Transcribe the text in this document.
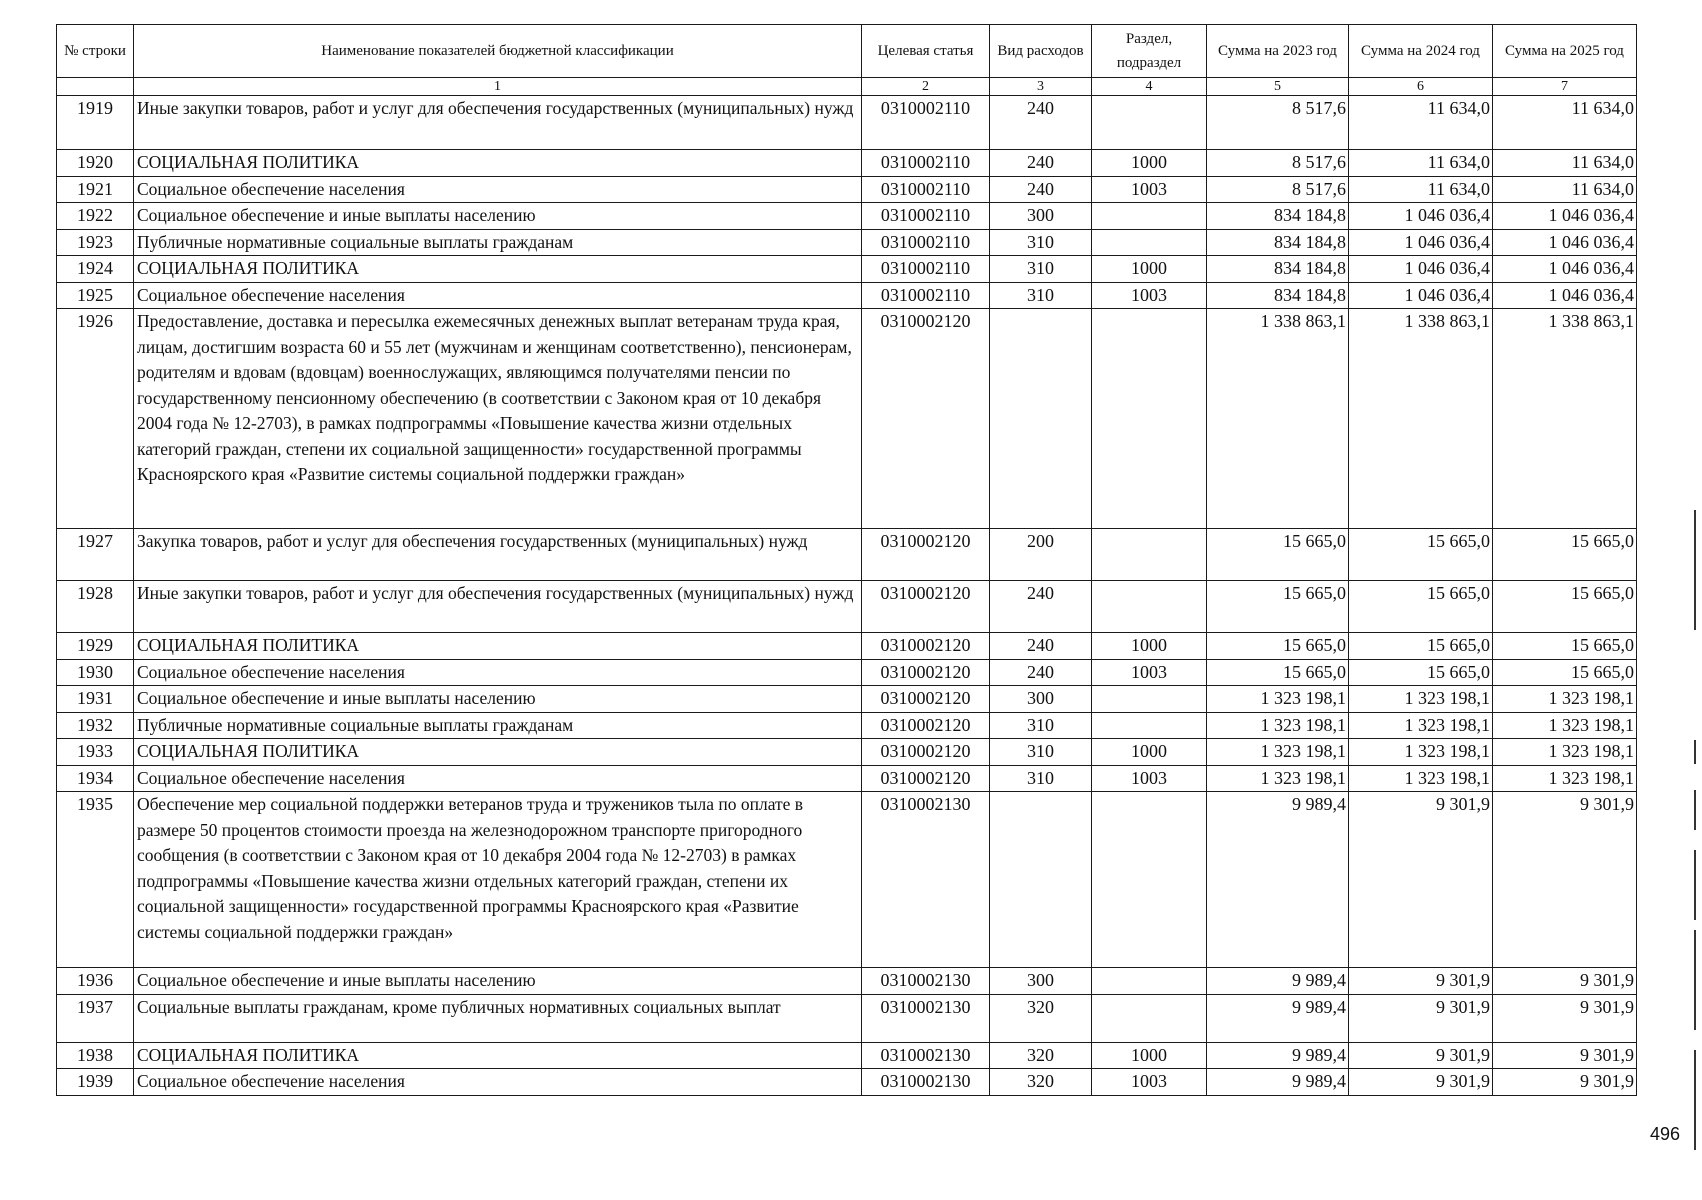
№ строки	Наименование показателей бюджетной классификации	Целевая статья	Вид расходов	Раздел, подраздел	Сумма на 2023 год	Сумма на 2024 год	Сумма на 2025 год
	1	2	3	4	5	6	7
1919	Иные закупки товаров, работ и услуг для обеспечения государственных (муниципальных) нужд	0310002110	240		8 517,6	11 634,0	11 634,0
1920	СОЦИАЛЬНАЯ ПОЛИТИКА	0310002110	240	1000	8 517,6	11 634,0	11 634,0
1921	Социальное обеспечение населения	0310002110	240	1003	8 517,6	11 634,0	11 634,0
1922	Социальное обеспечение и иные выплаты населению	0310002110	300		834 184,8	1 046 036,4	1 046 036,4
1923	Публичные нормативные социальные выплаты гражданам	0310002110	310		834 184,8	1 046 036,4	1 046 036,4
1924	СОЦИАЛЬНАЯ ПОЛИТИКА	0310002110	310	1000	834 184,8	1 046 036,4	1 046 036,4
1925	Социальное обеспечение населения	0310002110	310	1003	834 184,8	1 046 036,4	1 046 036,4
1926	Предоставление, доставка и пересылка ежемесячных денежных выплат ветеранам труда края, лицам, достигшим возраста 60 и 55 лет (мужчинам и женщинам соответственно), пенсионерам, родителям и вдовам (вдовцам) военнослужащих, являющимся получателями пенсии по государственному пенсионному обеспечению (в соответствии с Законом края от 10 декабря 2004 года № 12-2703), в рамках подпрограммы «Повышение качества жизни отдельных категорий граждан, степени их социальной защищенности» государственной программы Красноярского края «Развитие системы социальной поддержки граждан»	0310002120			1 338 863,1	1 338 863,1	1 338 863,1
1927	Закупка товаров, работ и услуг для обеспечения государственных (муниципальных) нужд	0310002120	200		15 665,0	15 665,0	15 665,0
1928	Иные закупки товаров, работ и услуг для обеспечения государственных (муниципальных) нужд	0310002120	240		15 665,0	15 665,0	15 665,0
1929	СОЦИАЛЬНАЯ ПОЛИТИКА	0310002120	240	1000	15 665,0	15 665,0	15 665,0
1930	Социальное обеспечение населения	0310002120	240	1003	15 665,0	15 665,0	15 665,0
1931	Социальное обеспечение и иные выплаты населению	0310002120	300		1 323 198,1	1 323 198,1	1 323 198,1
1932	Публичные нормативные социальные выплаты гражданам	0310002120	310		1 323 198,1	1 323 198,1	1 323 198,1
1933	СОЦИАЛЬНАЯ ПОЛИТИКА	0310002120	310	1000	1 323 198,1	1 323 198,1	1 323 198,1
1934	Социальное обеспечение населения	0310002120	310	1003	1 323 198,1	1 323 198,1	1 323 198,1
1935	Обеспечение мер социальной поддержки ветеранов труда и тружеников тыла по оплате в размере 50 процентов стоимости проезда на железнодорожном транспорте пригородного сообщения (в соответствии с Законом края от 10 декабря 2004 года № 12-2703) в рамках подпрограммы «Повышение качества жизни отдельных категорий граждан, степени их социальной защищенности» государственной программы Красноярского края «Развитие системы социальной поддержки граждан»	0310002130			9 989,4	9 301,9	9 301,9
1936	Социальное обеспечение и иные выплаты населению	0310002130	300		9 989,4	9 301,9	9 301,9
1937	Социальные выплаты гражданам, кроме публичных нормативных социальных выплат	0310002130	320		9 989,4	9 301,9	9 301,9
1938	СОЦИАЛЬНАЯ ПОЛИТИКА	0310002130	320	1000	9 989,4	9 301,9	9 301,9
1939	Социальное обеспечение населения	0310002130	320	1003	9 989,4	9 301,9	9 301,9
496
